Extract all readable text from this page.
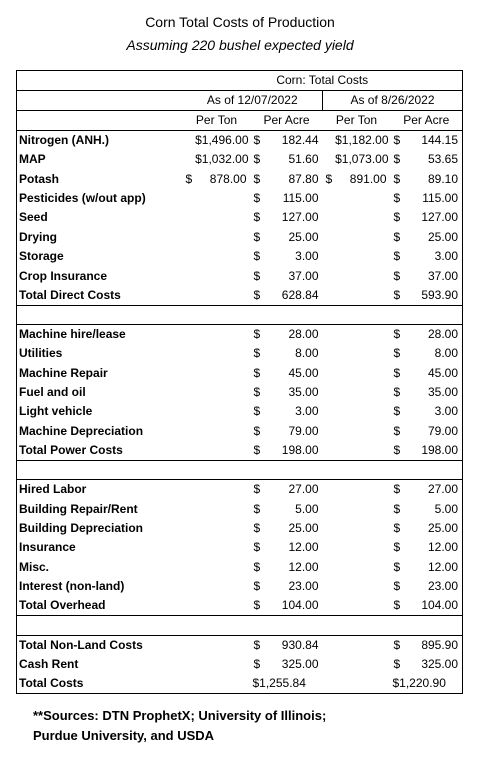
Corn Total Costs of Production
Assuming 220 bushel expected yield
	Corn: Total Costs			
	As of 12/07/2022		As of 8/26/2022	
	Per Ton	Per Acre	Per Ton	Per Acre
Nitrogen (ANH.)	$1,496.00	$ 182.44	$1,182.00	$ 144.15

MAP	$1,032.00	$ 51.60	$1,073.00	$ 53.65

Potash	$ 878.00	$ 87.80	$ 891.00	$ 89.10

Pesticides (w/out app)		$ 115.00		$ 115.00

Seed		$ 127.00		$ 127.00

Drying		$ 25.00		$ 25.00

Storage		$ 3.00		$ 3.00

Crop Insurance		$ 37.00		$ 37.00

Total Direct Costs		$ 628.84		$ 593.90

Machine hire/lease		$ 28.00		$ 28.00

Utilities		$ 8.00		$ 8.00

Machine Repair		$ 45.00		$ 45.00

Fuel and oil		$ 35.00		$ 35.00

Light vehicle		$ 3.00		$ 3.00

Machine Depreciation		$ 79.00		$ 79.00

Total Power Costs		$ 198.00		$ 198.00

Hired Labor		$ 27.00		$ 27.00

Building Repair/Rent		$ 5.00		$ 5.00

Building Depreciation		$ 25.00		$ 25.00

Insurance		$ 12.00		$ 12.00

Misc.		$ 12.00		$ 12.00

Interest (non-land)		$ 23.00		$ 23.00

Total Overhead		$ 104.00		$ 104.00

Total Non-Land Costs		$ 930.84		$ 895.90

Cash Rent		$ 325.00		$ 325.00

Total Costs		$1,255.84		$1,220.90
**Sources: DTN ProphetX; University of Illinois;
Purdue University, and USDA
